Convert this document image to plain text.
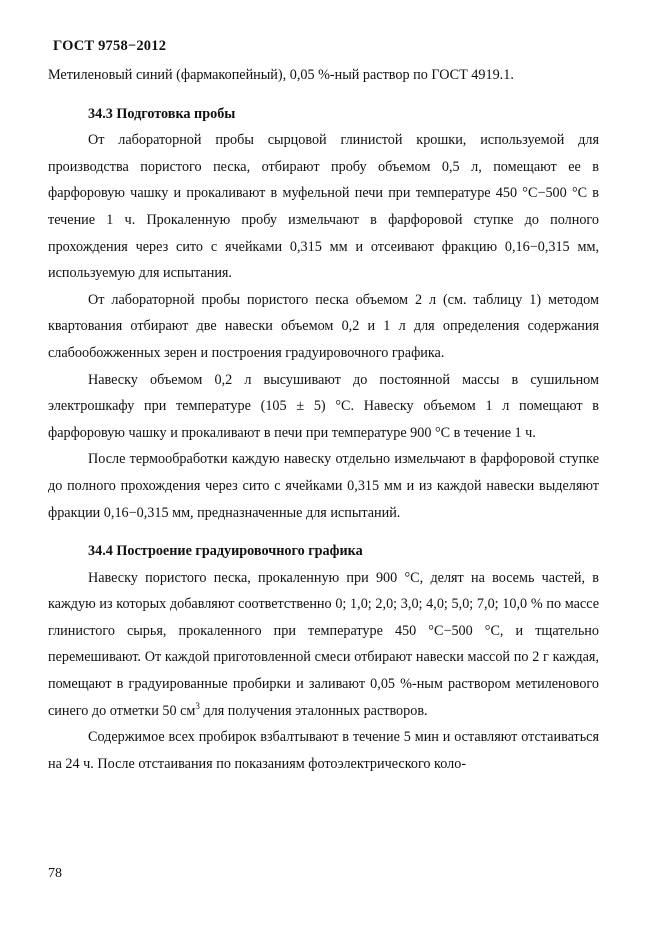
ГОСТ 9758−2012

Метиленовый синий (фармакопейный), 0,05 %-ный раствор по ГОСТ 4919.1.

34.3 Подготовка пробы

От лабораторной пробы сырцовой глинистой крошки, используемой для производства пористого песка, отбирают пробу объемом 0,5 л, помещают ее в фарфоровую чашку и прокаливают в муфельной печи при температуре 450 °С−500 °С в течение 1 ч. Прокаленную пробу измельчают в фарфоровой ступке до полного прохождения через сито с ячейками 0,315 мм и отсеивают фракцию 0,16−0,315 мм, используемую для испытания.

От лабораторной пробы пористого песка объемом 2 л (см. таблицу 1) методом квартования отбирают две навески объемом 0,2 и 1 л для определения содержания слабообожженных зерен и построения градуировочного графика.

Навеску объемом 0,2 л высушивают до постоянной массы в сушильном электрошкафу при температуре (105 ± 5) °С. Навеску объемом 1 л помещают в фарфоровую чашку и прокаливают в печи при температуре 900 °С в течение 1 ч.

После термообработки каждую навеску отдельно измельчают в фарфоровой ступке до полного прохождения через сито с ячейками 0,315 мм и из каждой навески выделяют фракции 0,16−0,315 мм, предназначенные для испытаний.

34.4 Построение градуировочного графика

Навеску пористого песка, прокаленную при 900 °С, делят на восемь частей, в каждую из которых добавляют соответственно 0; 1,0; 2,0; 3,0; 4,0; 5,0; 7,0; 10,0 % по массе глинистого сырья, прокаленного при температуре 450 °С−500 °С, и тщательно перемешивают. От каждой приготовленной смеси отбирают навески массой по 2 г каждая, помещают в градуированные пробирки и заливают 0,05 %-ным раствором метиленового синего до отметки 50 $см^3$ для получения эталонных растворов.

Содержимое всех пробирок взбалтывают в течение 5 мин и оставляют отстаиваться на 24 ч. После отстаивания по показаниям фотоэлектрического коло-

78
